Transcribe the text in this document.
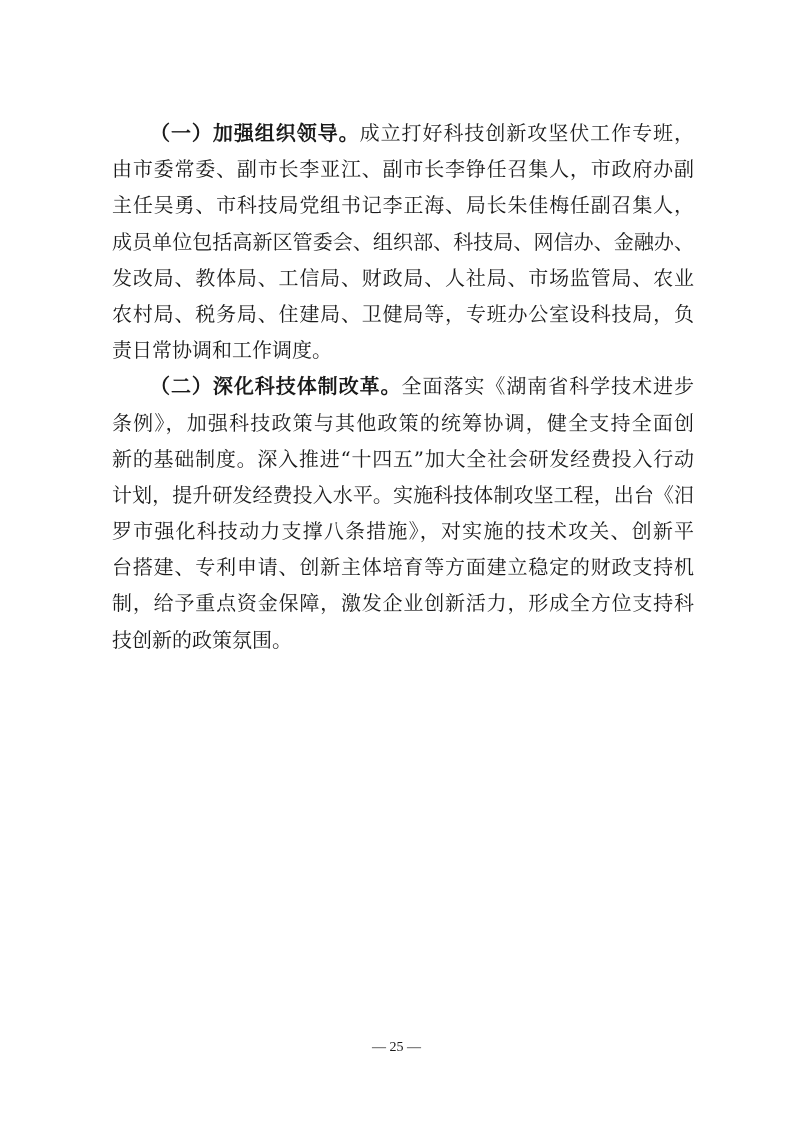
（一）加强组织领导。成立打好科技创新攻坚伏工作专班，
由市委常委、副市长李亚江、副市长李铮任召集人，市政府办副
主任吴勇、市科技局党组书记李正海、局长朱佳梅任副召集人，
成员单位包括高新区管委会、组织部、科技局、网信办、金融办、
发改局、教体局、工信局、财政局、人社局、市场监管局、农业
农村局、税务局、住建局、卫健局等，专班办公室设科技局，负
责日常协调和工作调度。
（二）深化科技体制改革。全面落实《湖南省科学技术进步
条例》，加强科技政策与其他政策的统筹协调，健全支持全面创
新的基础制度。深入推进“十四五”加大全社会研发经费投入行动
计划，提升研发经费投入水平。实施科技体制攻坚工程，出台《汨
罗市强化科技动力支撑八条措施》，对实施的技术攻关、创新平
台搭建、专利申请、创新主体培育等方面建立稳定的财政支持机
制，给予重点资金保障，激发企业创新活力，形成全方位支持科
技创新的政策氛围。
— 25 —
